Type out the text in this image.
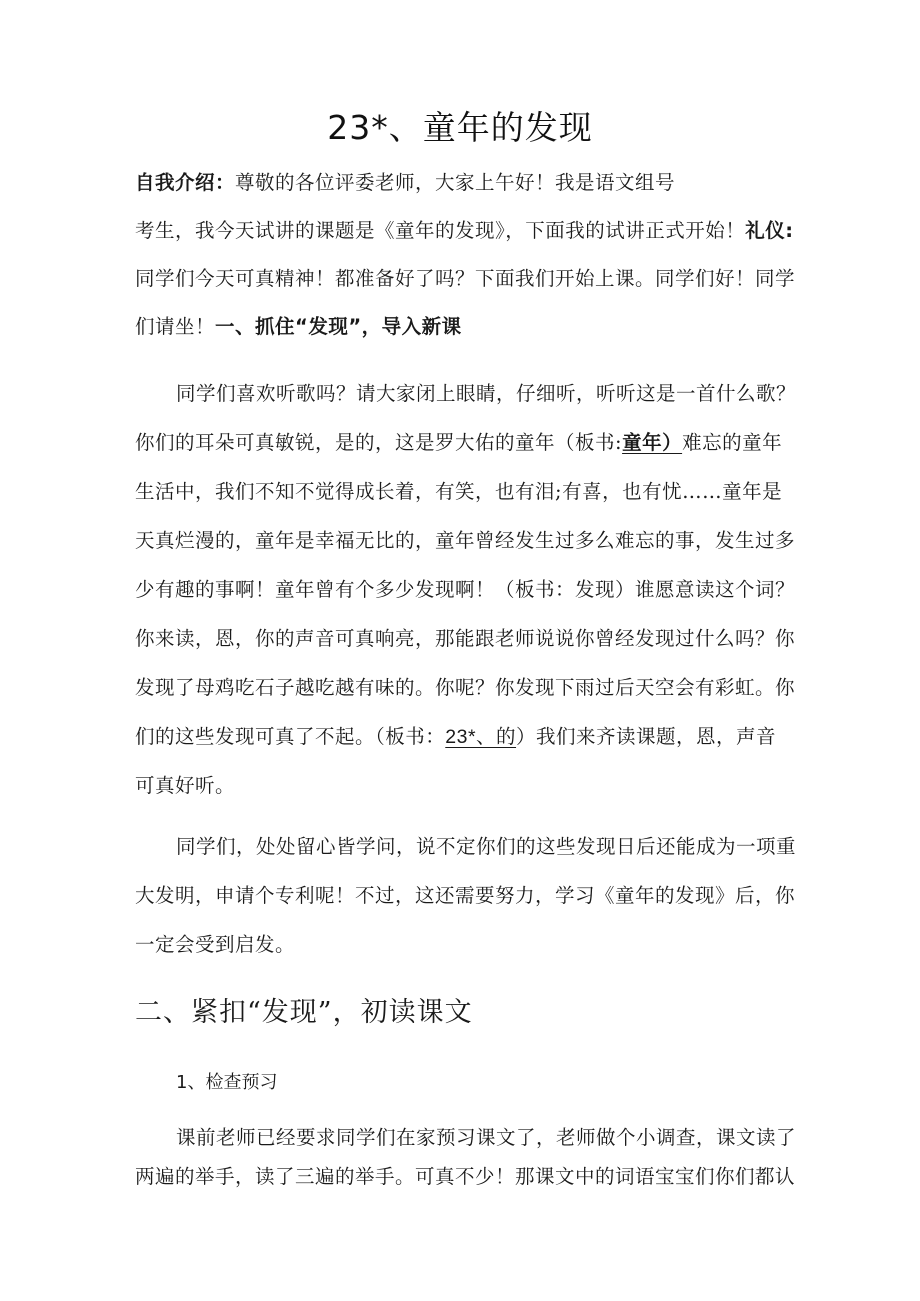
23*、童年的发现
自我介绍：尊敬的各位评委老师，大家上午好！我是语文组号
考生，我今天试讲的课题是《童年的发现》，下面我的试讲正式开始！礼仪:
同学们今天可真精神！都准备好了吗？下面我们开始上课。同学们好！同学
们请坐！一、抓住“发现”，导入新课
同学们喜欢听歌吗？请大家闭上眼睛，仔细听，听听这是一首什么歌？
你们的耳朵可真敏锐，是的，这是罗大佑的童年（板书:童年）难忘的童年
生活中，我们不知不觉得成长着，有笑，也有泪;有喜，也有忧……童年是
天真烂漫的，童年是幸福无比的，童年曾经发生过多么难忘的事，发生过多
少有趣的事啊！童年曾有个多少发现啊！（板书：发现）谁愿意读这个词？
你来读，恩，你的声音可真响亮，那能跟老师说说你曾经发现过什么吗？你
发现了母鸡吃石子越吃越有味的。你呢？你发现下雨过后天空会有彩虹。你
们的这些发现可真了不起。（板书：23*、的）我们来齐读课题，恩，声音
可真好听。
同学们，处处留心皆学问，说不定你们的这些发现日后还能成为一项重
大发明，申请个专利呢！不过，这还需要努力，学习《童年的发现》后，你
一定会受到启发。
二、紧扣“发现”，初读课文
1、检查预习
课前老师已经要求同学们在家预习课文了，老师做个小调查，课文读了
两遍的举手，读了三遍的举手。可真不少！那课文中的词语宝宝们你们都认
